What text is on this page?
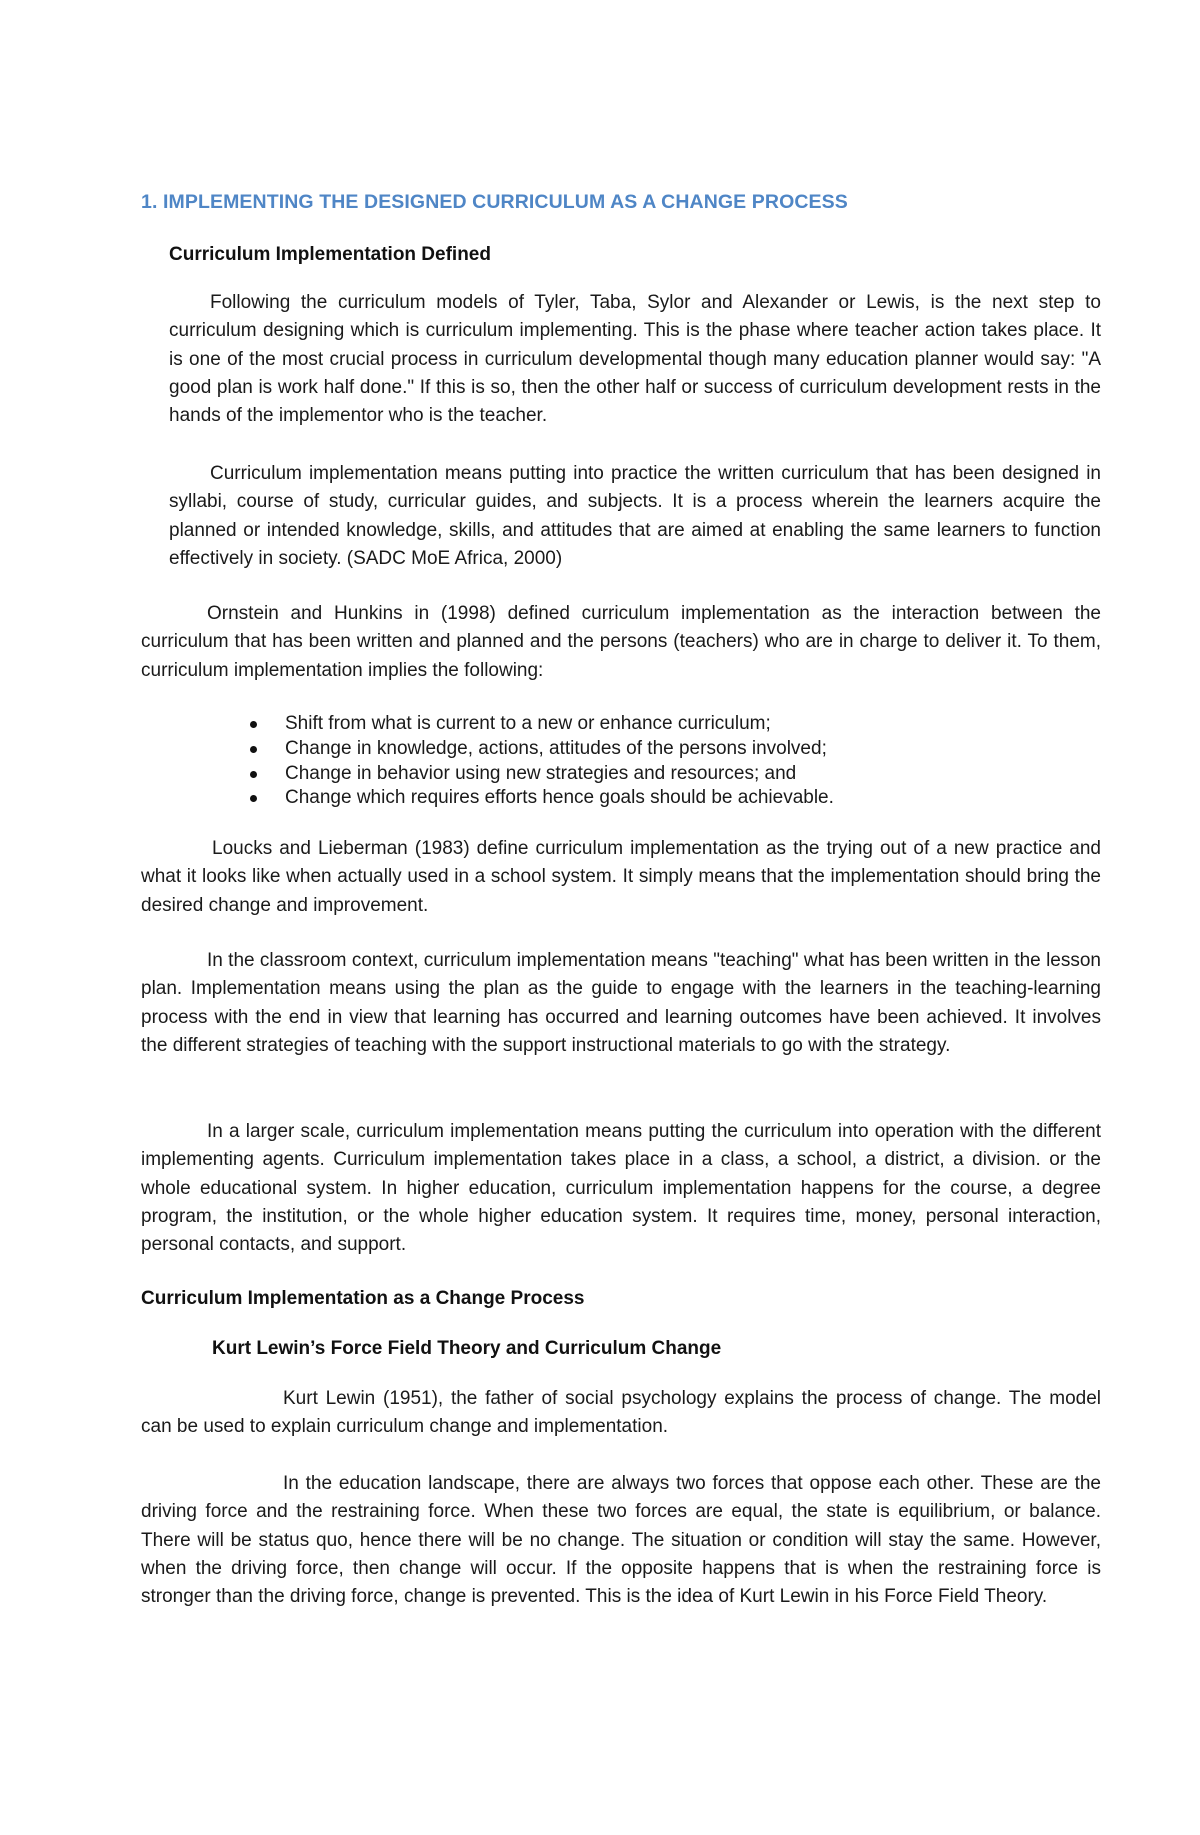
1. IMPLEMENTING THE DESIGNED CURRICULUM AS A CHANGE PROCESS
Curriculum Implementation Defined

Following the curriculum models of Tyler, Taba, Sylor and Alexander or Lewis, is the next step to curriculum designing which is curriculum implementing. This is the phase where teacher action takes place. It is one of the most crucial process in curriculum developmental though many education planner would say: "A good plan is work half done." If this is so, then the other half or success of curriculum development rests in the hands of the implementor who is the teacher.

Curriculum implementation means putting into practice the written curriculum that has been designed in syllabi, course of study, curricular guides, and subjects. It is a process wherein the learners acquire the planned or intended knowledge, skills, and attitudes that are aimed at enabling the same learners to function effectively in society. (SADC MoE Africa, 2000)

Ornstein and Hunkins in (1998) defined curriculum implementation as the interaction between the curriculum that has been written and planned and the persons (teachers) who are in charge to deliver it. To them, curriculum implementation implies the following:

Shift from what is current to a new or enhance curriculum;
Change in knowledge, actions, attitudes of the persons involved;
Change in behavior using new strategies and resources; and
Change which requires efforts hence goals should be achievable.

Loucks and Lieberman (1983) define curriculum implementation as the trying out of a new practice and what it looks like when actually used in a school system. It simply means that the implementation should bring the desired change and improvement.

In the classroom context, curriculum implementation means "teaching" what has been written in the lesson plan. Implementation means using the plan as the guide to engage with the learners in the teaching-learning process with the end in view that learning has occurred and learning outcomes have been achieved. It involves the different strategies of teaching with the support instructional materials to go with the strategy.

In a larger scale, curriculum implementation means putting the curriculum into operation with the different implementing agents. Curriculum implementation takes place in a class, a school, a district, a division. or the whole educational system. In higher education, curriculum implementation happens for the course, a degree program, the institution, or the whole higher education system. It requires time, money, personal interaction, personal contacts, and support.

Curriculum Implementation as a Change Process
Kurt Lewin’s Force Field Theory and Curriculum Change

Kurt Lewin (1951), the father of social psychology explains the process of change. The model can be used to explain curriculum change and implementation.

In the education landscape, there are always two forces that oppose each other. These are the driving force and the restraining force. When these two forces are equal, the state is equilibrium, or balance. There will be status quo, hence there will be no change. The situation or condition will stay the same. However, when the driving force, then change will occur. If the opposite happens that is when the restraining force is stronger than the driving force, change is prevented. This is the idea of Kurt Lewin in his Force Field Theory.
